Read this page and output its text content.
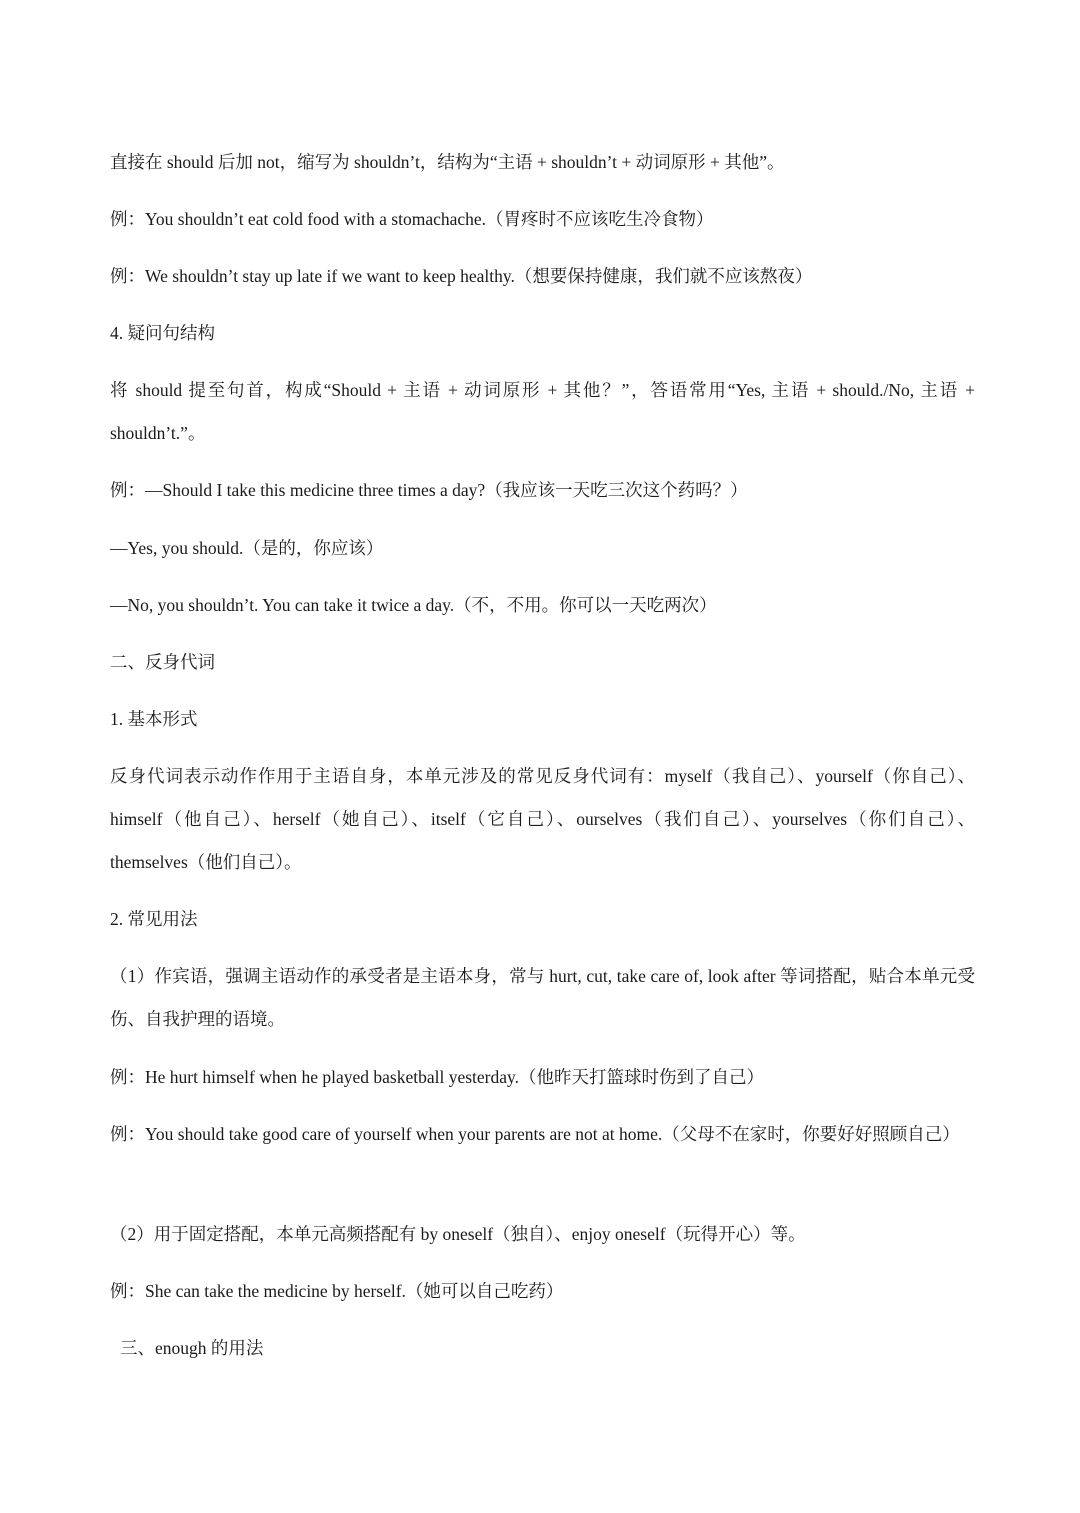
直接在 should 后加 not，缩写为 shouldn’t，结构为“主语 + shouldn’t + 动词原形 + 其他”。

例：You shouldn’t eat cold food with a stomachache.（胃疼时不应该吃生冷食物）

例：We shouldn’t stay up late if we want to keep healthy.（想要保持健康，我们就不应该熬夜）

4. 疑问句结构

将 should 提至句首，构成“Should + 主语 + 动词原形 + 其他？”，答语常用“Yes, 主语 + should./No, 主语 + shouldn’t.”。

例：—Should I take this medicine three times a day?（我应该一天吃三次这个药吗？）

—Yes, you should.（是的，你应该）

—No, you shouldn’t. You can take it twice a day.（不，不用。你可以一天吃两次）

二、反身代词

1. 基本形式

反身代词表示动作作用于主语自身，本单元涉及的常见反身代词有：myself（我自己）、yourself（你自己）、himself（他自己）、herself（她自己）、itself（它自己）、ourselves（我们自己）、yourselves（你们自己）、themselves（他们自己）。

2. 常见用法

（1）作宾语，强调主语动作的承受者是主语本身，常与 hurt, cut, take care of, look after 等词搭配，贴合本单元受伤、自我护理的语境。

例：He hurt himself when he played basketball yesterday.（他昨天打篮球时伤到了自己）

例：You should take good care of yourself when your parents are not at home.（父母不在家时，你要好好照顾自己）

（2）用于固定搭配，本单元高频搭配有 by oneself（独自）、enjoy oneself（玩得开心）等。

例：She can take the medicine by herself.（她可以自己吃药）

三、enough 的用法
